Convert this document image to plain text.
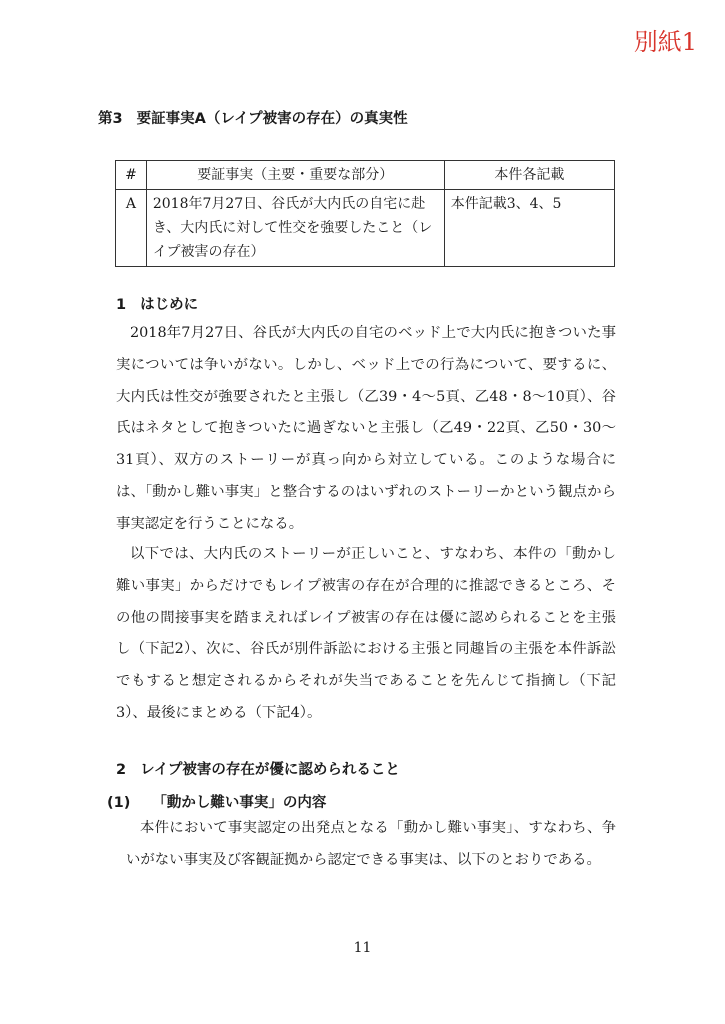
別紙1
第3 要証事実A（レイプ被害の存在）の真実性
#	要証事実（主要・重要な部分）	本件各記載
A	2018年7月27日、谷氏が大内氏の自宅に赴き、大内氏に対して性交を強要したこと（レイプ被害の存在）	本件記載3、4、5
1 はじめに

2018年7月27日、谷氏が大内氏の自宅のベッド上で大内氏に抱きついた事実については争いがない。しかし、ベッド上での行為について、要するに、大内氏は性交が強要されたと主張し（乙39・4〜5頁、乙48・8〜10頁）、谷氏はネタとして抱きついたに過ぎないと主張し（乙49・22頁、乙50・30〜31頁）、双方のストーリーが真っ向から対立している。このような場合には、「動かし難い事実」と整合するのはいずれのストーリーかという観点から事実認定を行うことになる。

以下では、大内氏のストーリーが正しいこと、すなわち、本件の「動かし難い事実」からだけでもレイプ被害の存在が合理的に推認できるところ、その他の間接事実を踏まえればレイプ被害の存在は優に認められることを主張し（下記2）、次に、谷氏が別件訴訟における主張と同趣旨の主張を本件訴訟でもすると想定されるからそれが失当であることを先んじて指摘し（下記3）、最後にまとめる（下記4）。

2 レイプ被害の存在が優に認められること
(1) 「動かし難い事実」の内容

本件において事実認定の出発点となる「動かし難い事実」、すなわち、争いがない事実及び客観証拠から認定できる事実は、以下のとおりである。

11
